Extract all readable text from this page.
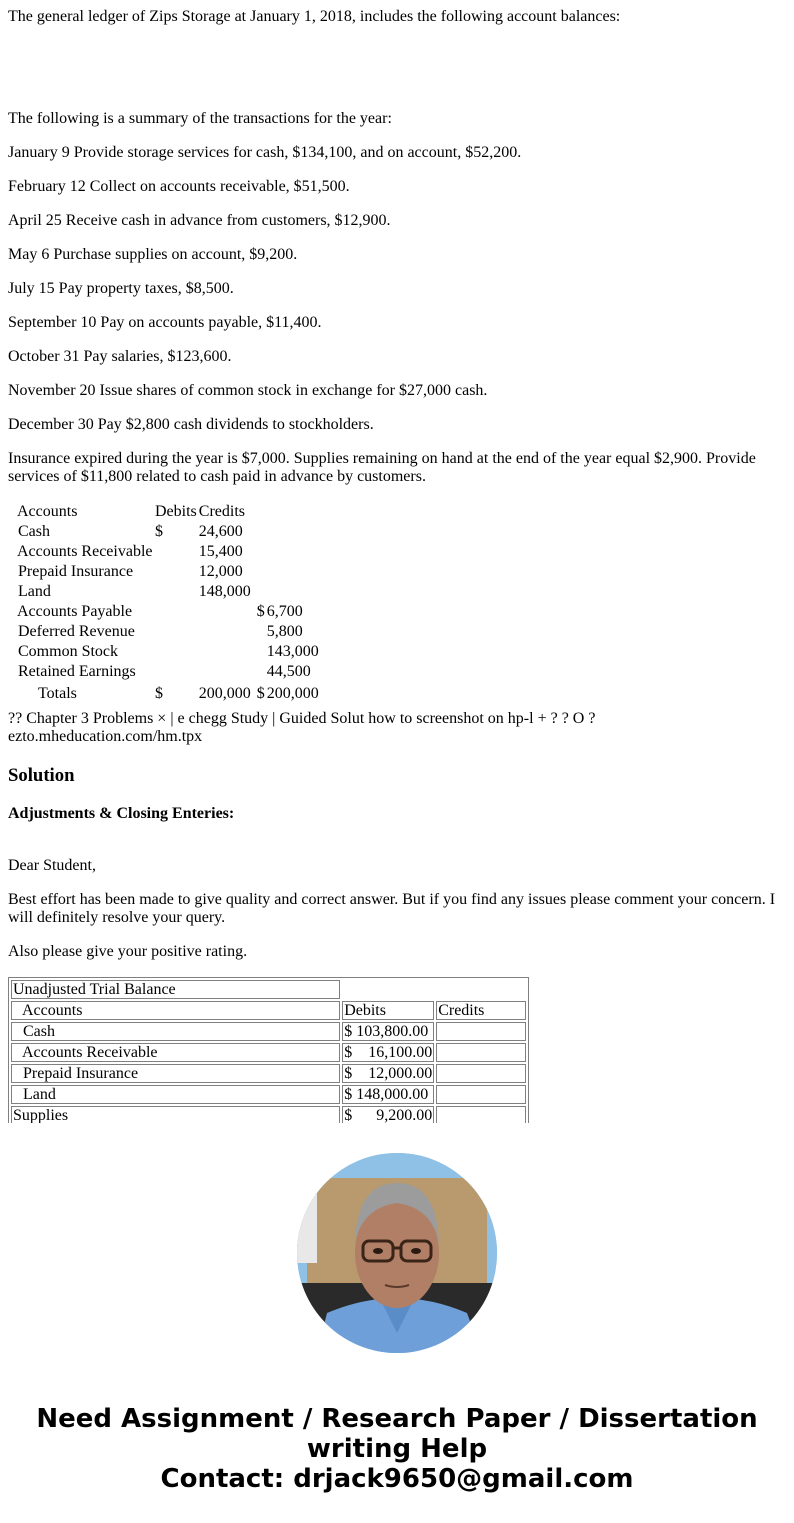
The general ledger of Zips Storage at January 1, 2018, includes the following account balances:

The following is a summary of the transactions for the year:

January 9 Provide storage services for cash, $134,100, and on account, $52,200.

February 12 Collect on accounts receivable, $51,500.

April 25 Receive cash in advance from customers, $12,900.

May 6 Purchase supplies on account, $9,200.

July 15 Pay property taxes, $8,500.

September 10 Pay on accounts payable, $11,400.

October 31 Pay salaries, $123,600.

November 20 Issue shares of common stock in exchange for $27,000 cash.

December 30 Pay $2,800 cash dividends to stockholders.

Insurance expired during the year is $7,000. Supplies remaining on hand at the end of the year equal $2,900. Provide services of $11,800 related to cash paid in advance by customers.

?? Chapter 3 Problems × | e chegg Study | Guided Solut how to screenshot on hp-l + ? ? O ?

ezto.mheducation.com/hm.tpx

Solution

Adjustments & Closing Enteries:

Dear Student,

Best effort has been made to give quality and correct answer. But if you find any issues please comment your concern. I will definitely resolve your query.

Also please give your positive rating.

Unadjusted Trial Balance		
Accounts	Debits	Credits
Cash	$ 103,800.00	
Accounts Receivable	$    16,100.00	
Prepaid Insurance	$    12,000.00	
Land	$ 148,000.00	
Supplies	$      9,200.00	
Accounts	Debits	Credits		
Cash	$	24,600		
Accounts Receivable		15,400		
Prepaid Insurance		12,000		
Land		148,000		
Accounts Payable			$	6,700
Deferred Revenue				5,800
Common Stock				143,000
Retained Earnings				44,500
Totals	$	200,000	$	200,000
Need Assignment / Research Paper / Dissertation
writing Help
Contact: drjack9650@gmail.com
